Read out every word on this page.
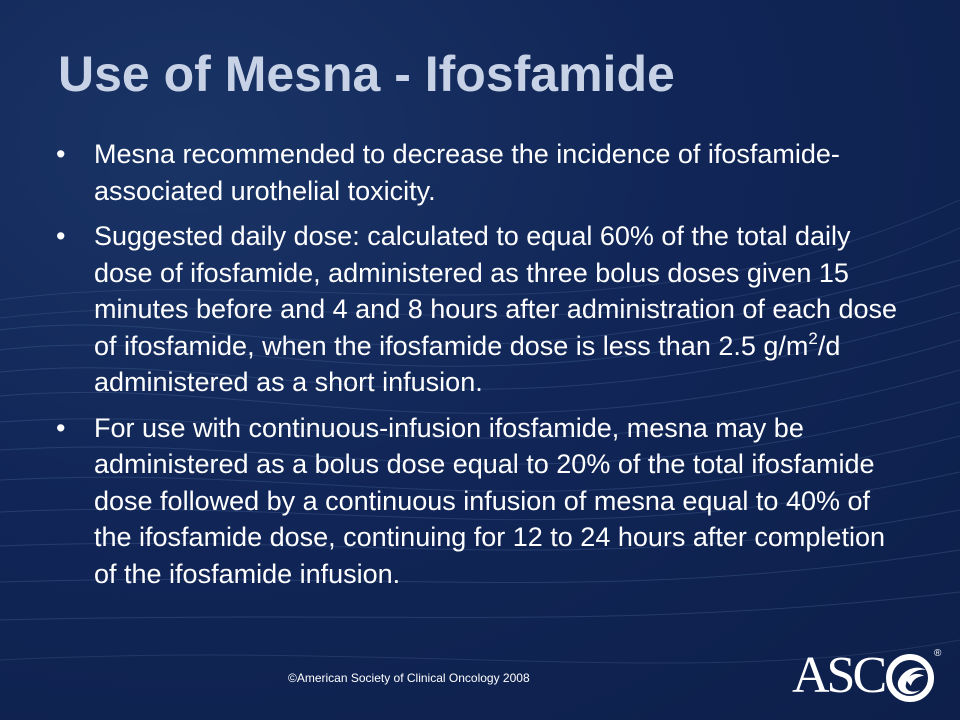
Use of Mesna - Ifosfamide
• Mesna recommended to decrease the incidence of ifosfamide-associated urothelial toxicity.
• Suggested daily dose: calculated to equal 60% of the total daily dose of ifosfamide, administered as three bolus doses given 15 minutes before and 4 and 8 hours after administration of each dose of ifosfamide, when the ifosfamide dose is less than 2.5 $g/m^2/d$ administered as a short infusion.
• For use with continuous-infusion ifosfamide, mesna may be administered as a bolus dose equal to 20% of the total ifosfamide dose followed by a continuous infusion of mesna equal to 40% of the ifosfamide dose, continuing for 12 to 24 hours after completion of the ifosfamide infusion.
©American Society of Clinical Oncology 2008	ASC	®
